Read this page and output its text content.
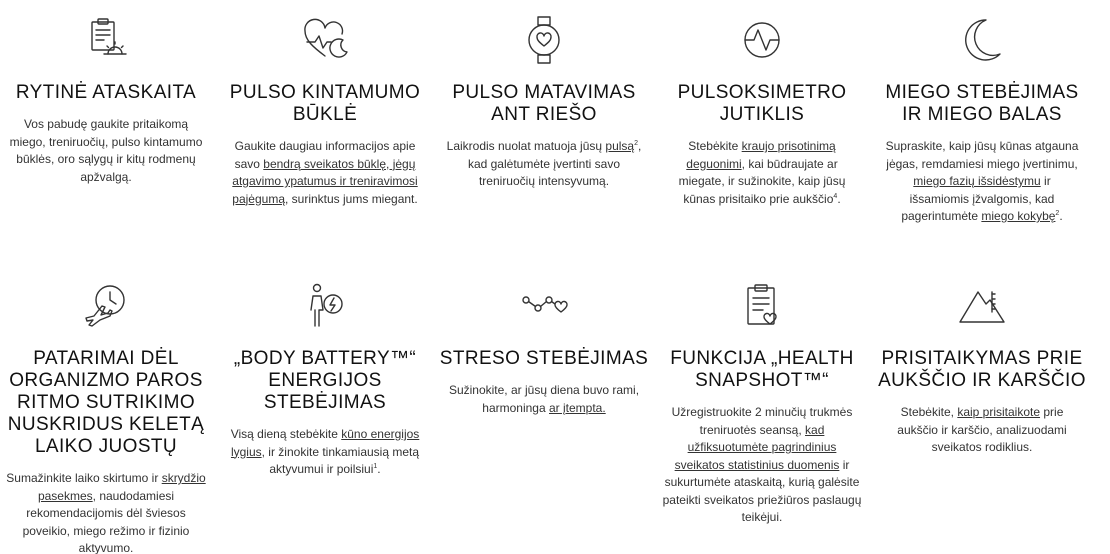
RYTINĖ ATASKAITA

Vos pabudę gaukite pritaikomą miego, treniruočių, pulso kintamumo būklės, oro sąlygų ir kitų rodmenų apžvalgą.

PULSO KINTAMUMO BŪKLĖ

Gaukite daugiau informacijos apie savo bendrą sveikatos būklę, jėgų atgavimo ypatumus ir treniravimosi pajėgumą, surinktus jums miegant.

PULSO MATAVIMAS ANT RIEŠO

Laikrodis nuolat matuoja jūsų pulsą$^2$, kad galėtumėte įvertinti savo treniruočių intensyvumą.

PULSOKSIMETRO JUTIKLIS

Stebėkite kraujo prisotinimą deguonimi, kai būdraujate ar miegate, ir sužinokite, kaip jūsų kūnas prisitaiko prie aukščio$^4$.

MIEGO STEBĖJIMAS IR MIEGO BALAS

Supraskite, kaip jūsų kūnas atgauna jėgas, remdamiesi miego įvertinimu, miego fazių išsidėstymu ir išsamiomis įžvalgomis, kad pagerintumėte miego kokybę$^2$.

PATARIMAI DĖL ORGANIZMO PAROS RITMO SUTRIKIMO NUSKRIDUS KELETĄ LAIKO JUOSTŲ

Sumažinkite laiko skirtumo ir skrydžio pasekmes, naudodamiesi rekomendacijomis dėl šviesos poveikio, miego režimo ir fizinio aktyvumo.

„BODY BATTERY™“ ENERGIJOS STEBĖJIMAS

Visą dieną stebėkite kūno energijos lygius, ir žinokite tinkamiausią metą aktyvumui ir poilsiui$^1$.

STRESO STEBĖJIMAS

Sužinokite, ar jūsų diena buvo rami, harmoninga ar įtempta.

FUNKCIJA „HEALTH SNAPSHOT™“

Užregistruokite 2 minučių trukmės treniruotės seansą, kad užfiksuotumėte pagrindinius sveikatos statistinius duomenis ir sukurtumėte ataskaitą, kurią galėsite pateikti sveikatos priežiūros paslaugų teikėjui.

PRISITAIKYMAS PRIE AUKŠČIO IR KARŠČIO

Stebėkite, kaip prisitaikote prie aukščio ir karščio, analizuodami sveikatos rodiklius.
